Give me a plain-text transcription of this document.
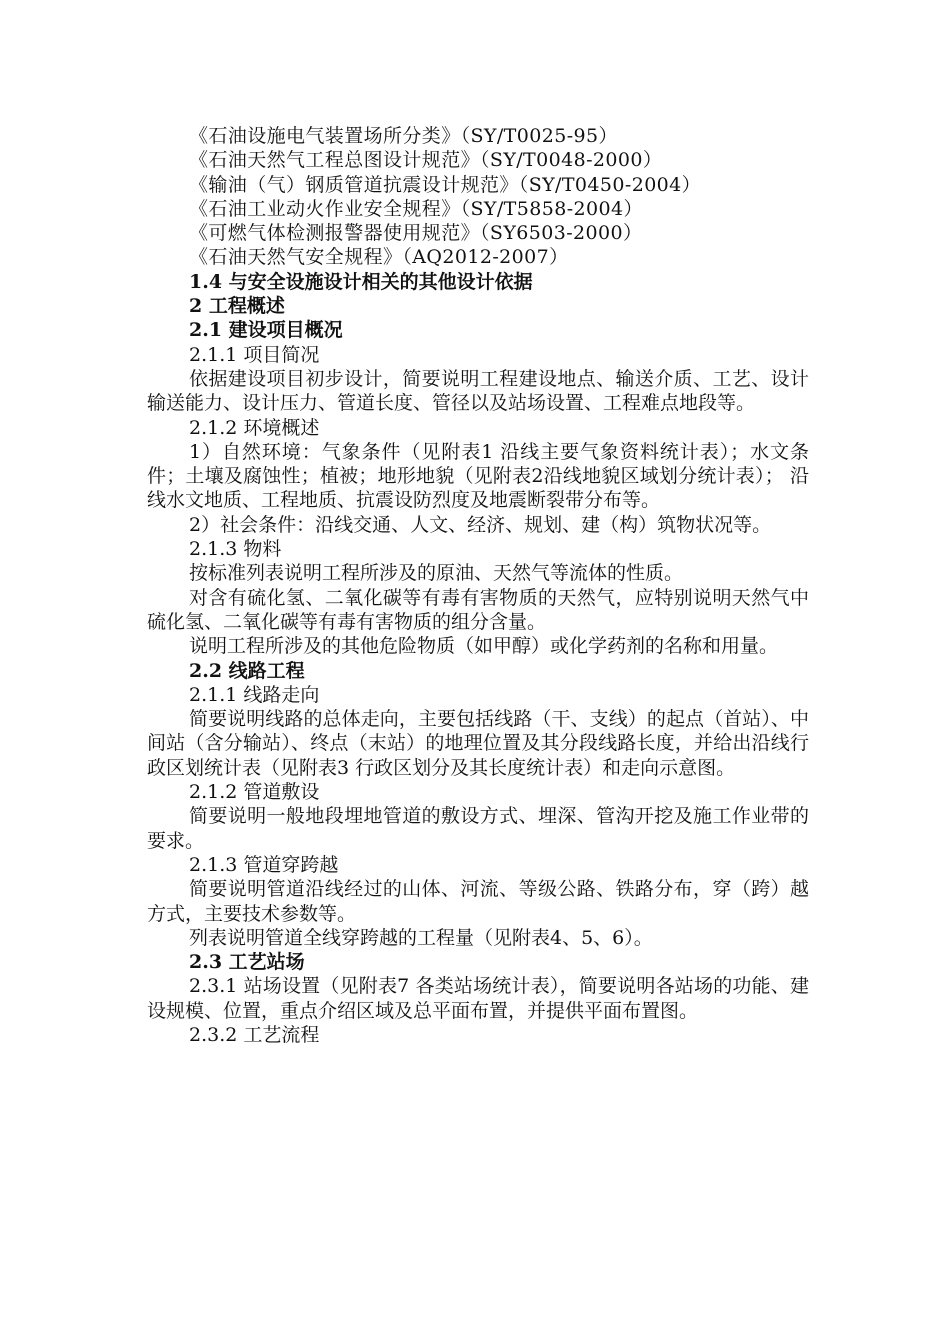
《石油设施电气装置场所分类》（SY/T0025-95）

《石油天然气工程总图设计规范》（SY/T0048-2000）

《输油（气）钢质管道抗震设计规范》（SY/T0450-2004）

《石油工业动火作业安全规程》（SY/T5858-2004）

《可燃气体检测报警器使用规范》（SY6503-2000）

《石油天然气安全规程》（AQ2012-2007）

1.4 与安全设施设计相关的其他设计依据

2 工程概述

2.1 建设项目概况

2.1.1 项目简况

依据建设项目初步设计，简要说明工程建设地点、输送介质、工艺、设计输送能力、设计压力、管道长度、管径以及站场设置、工程难点地段等。

2.1.2 环境概述

1）自然环境：气象条件（见附表1 沿线主要气象资料统计表）；水文条件；土壤及腐蚀性；植被；地形地貌（见附表2沿线地貌区域划分统计表）； 沿线水文地质、工程地质、抗震设防烈度及地震断裂带分布等。

2）社会条件：沿线交通、人文、经济、规划、建（构）筑物状况等。

2.1.3 物料

按标准列表说明工程所涉及的原油、天然气等流体的性质。

对含有硫化氢、二氧化碳等有毒有害物质的天然气，应特别说明天然气中硫化氢、二氧化碳等有毒有害物质的组分含量。

说明工程所涉及的其他危险物质（如甲醇）或化学药剂的名称和用量。

2.2 线路工程

2.1.1 线路走向

简要说明线路的总体走向，主要包括线路（干、支线）的起点（首站）、中间站（含分输站）、终点（末站）的地理位置及其分段线路长度，并给出沿线行政区划统计表（见附表3 行政区划分及其长度统计表）和走向示意图。

2.1.2 管道敷设

简要说明一般地段埋地管道的敷设方式、埋深、管沟开挖及施工作业带的要求。

2.1.3 管道穿跨越

简要说明管道沿线经过的山体、河流、等级公路、铁路分布，穿（跨）越方式，主要技术参数等。

列表说明管道全线穿跨越的工程量（见附表4、5、6）。

2.3 工艺站场

2.3.1 站场设置（见附表7 各类站场统计表），简要说明各站场的功能、建设规模、位置，重点介绍区域及总平面布置，并提供平面布置图。

2.3.2 工艺流程
